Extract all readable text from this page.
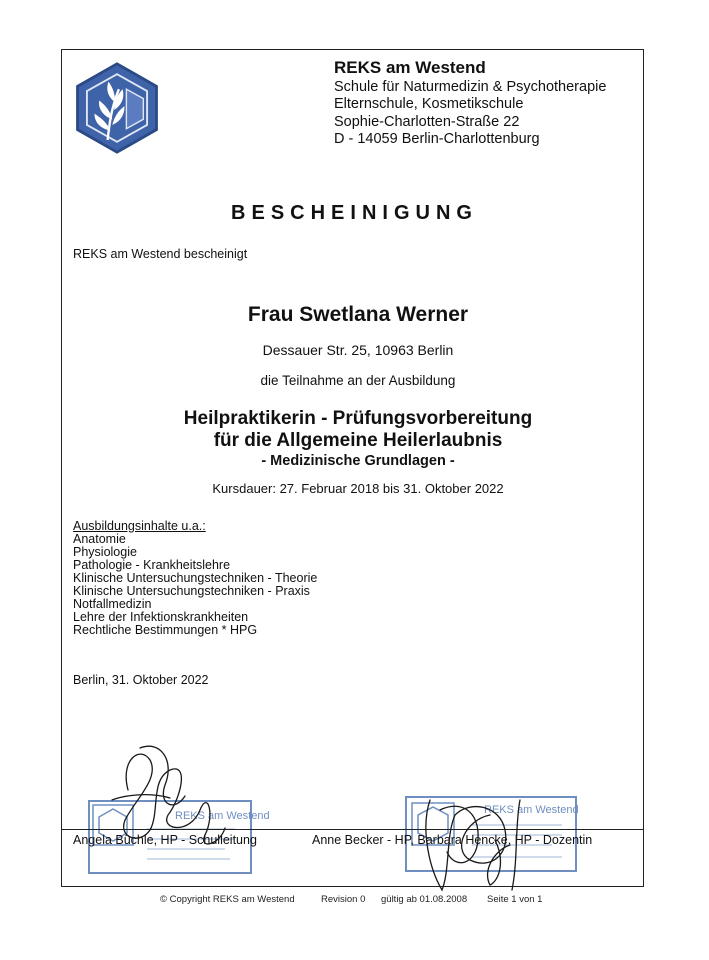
REKS am Westend
Schule für Naturmedizin & Psychotherapie
Elternschule, Kosmetikschule
Sophie-Charlotten-Straße 22
D - 14059 Berlin-Charlottenburg
BESCHEINIGUNG
REKS am Westend bescheinigt
Frau Swetlana Werner
Dessauer Str. 25, 10963 Berlin
die Teilnahme an der Ausbildung
Heilpraktikerin - Prüfungsvorbereitung
für die Allgemeine Heilerlaubnis
- Medizinische Grundlagen -
Kursdauer: 27. Februar 2018 bis 31. Oktober 2022
Ausbildungsinhalte u.a.:
Anatomie
Physiologie
Pathologie - Krankheitslehre
Klinische Untersuchungstechniken - Theorie
Klinische Untersuchungstechniken - Praxis
Notfallmedizin
Lehre der Infektionskrankheiten
Rechtliche Bestimmungen * HPG
Berlin, 31. Oktober 2022
REKS am Westend	REKS am Westend
Angela Büchle, HP - Schulleitung	Anne Becker - HP, Barbara Hencke, HP - Dozentin
© Copyright REKS am Westend	Revision 0 gültig ab 01.08.2008 Seite 1 von 1
